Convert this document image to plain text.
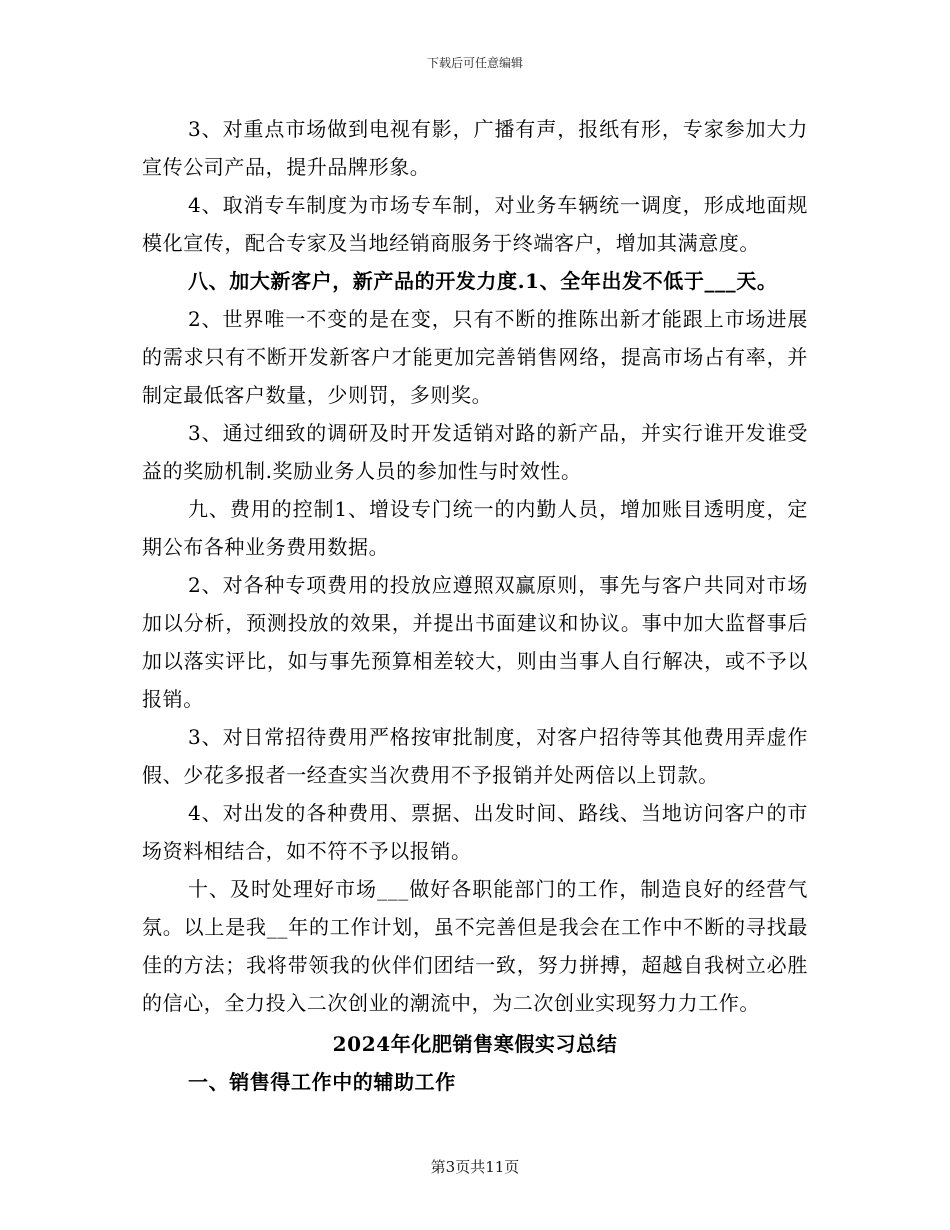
下载后可任意编辑

3、对重点市场做到电视有影，广播有声，报纸有形，专家参加大力宣传公司产品，提升品牌形象。

4、取消专车制度为市场专车制，对业务车辆统一调度，形成地面规模化宣传，配合专家及当地经销商服务于终端客户，增加其满意度。

八、加大新客户，新产品的开发力度.1、全年出发不低于___天。

2、世界唯一不变的是在变，只有不断的推陈出新才能跟上市场进展的需求只有不断开发新客户才能更加完善销售网络，提高市场占有率，并制定最低客户数量，少则罚，多则奖。

3、通过细致的调研及时开发适销对路的新产品，并实行谁开发谁受益的奖励机制.奖励业务人员的参加性与时效性。

九、费用的控制1、增设专门统一的内勤人员，增加账目透明度，定期公布各种业务费用数据。

2、对各种专项费用的投放应遵照双赢原则，事先与客户共同对市场加以分析，预测投放的效果，并提出书面建议和协议。事中加大监督事后加以落实评比，如与事先预算相差较大，则由当事人自行解决，或不予以报销。

3、对日常招待费用严格按审批制度，对客户招待等其他费用弄虚作假、少花多报者一经查实当次费用不予报销并处两倍以上罚款。

4、对出发的各种费用、票据、出发时间、路线、当地访问客户的市场资料相结合，如不符不予以报销。

十、及时处理好市场___做好各职能部门的工作，制造良好的经营气氛。以上是我__年的工作计划，虽不完善但是我会在工作中不断的寻找最佳的方法；我将带领我的伙伴们团结一致，努力拼搏，超越自我树立必胜的信心，全力投入二次创业的潮流中，为二次创业实现努力力工作。

2024年化肥销售寒假实习总结
一、销售得工作中的辅助工作
第3页共11页
